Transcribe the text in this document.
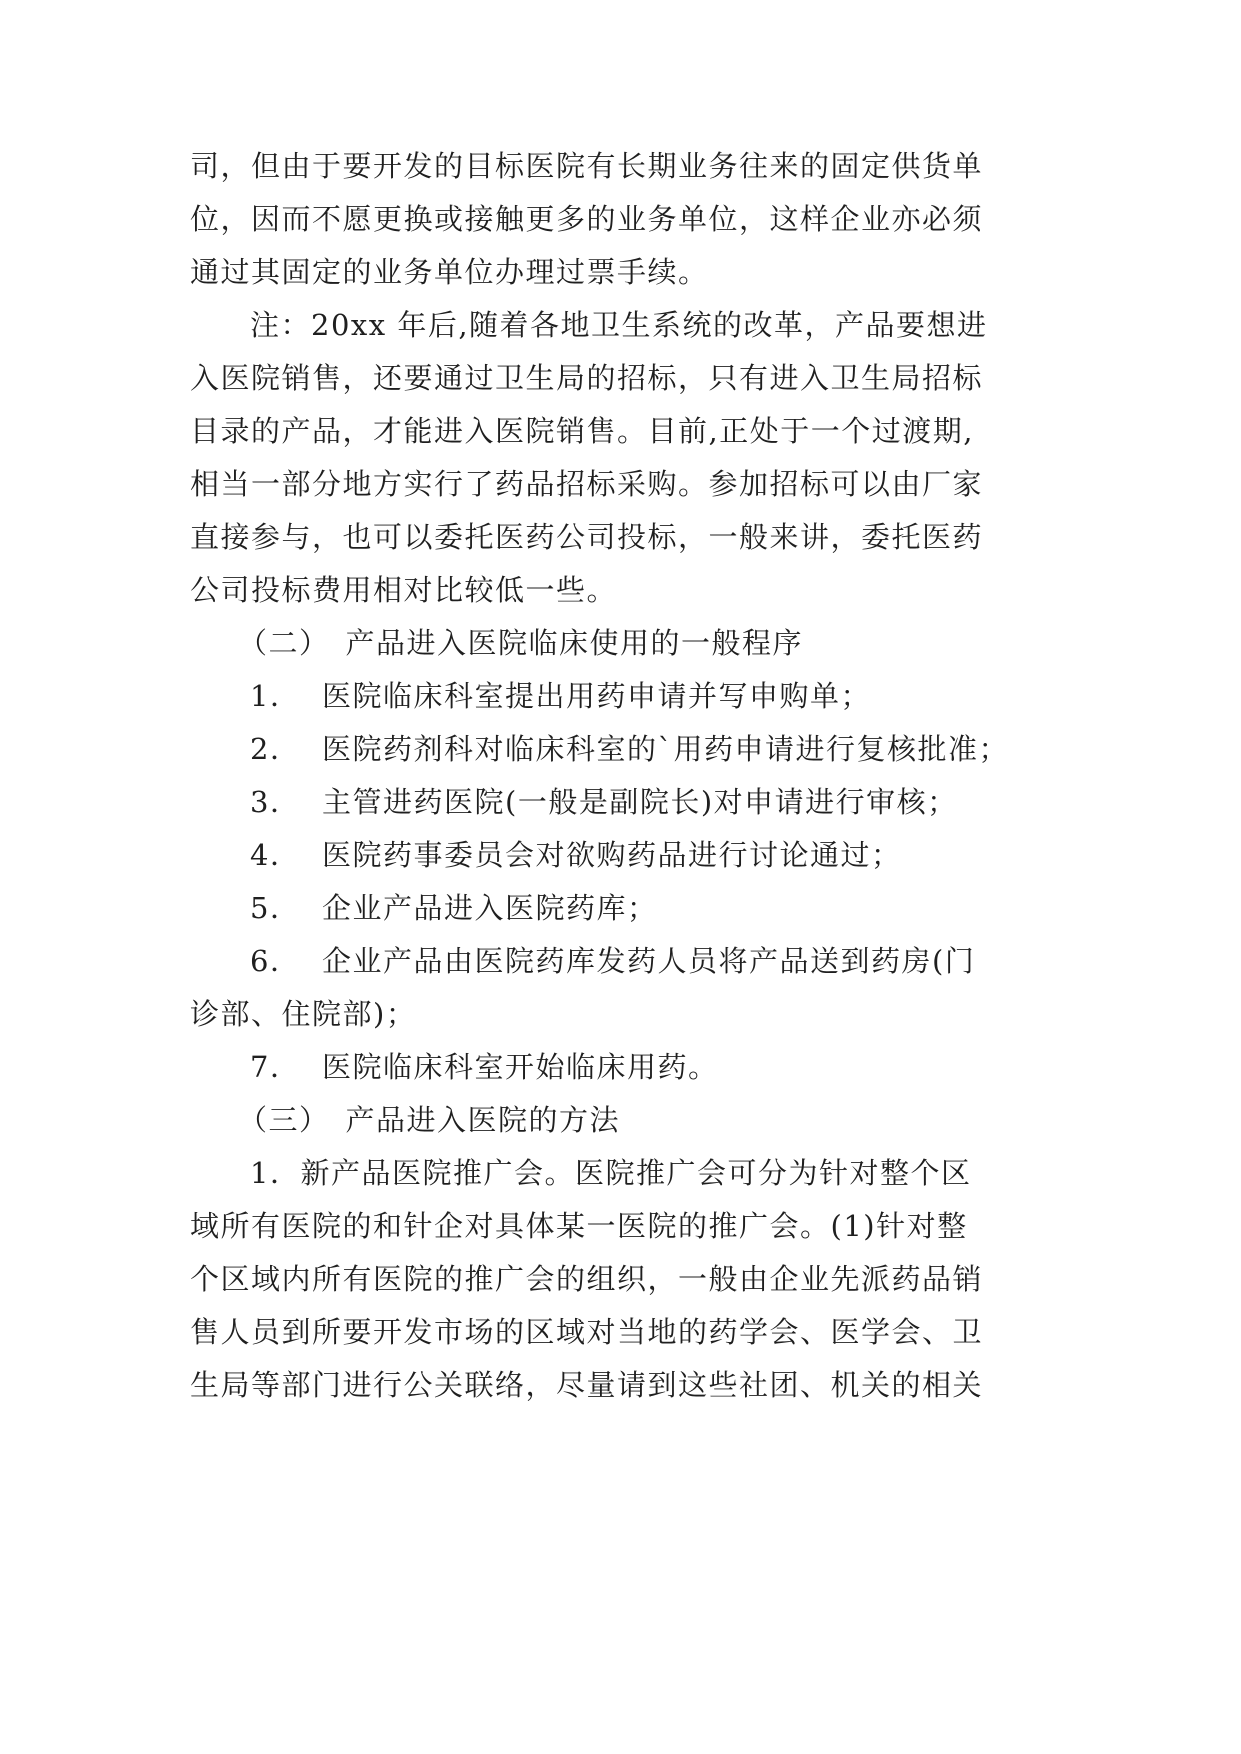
司，但由于要开发的目标医院有长期业务往来的固定供货单
位，因而不愿更换或接触更多的业务单位，这样企业亦必须
通过其固定的业务单位办理过票手续。
注：20xx 年后,随着各地卫生系统的改革，产品要想进
入医院销售，还要通过卫生局的招标，只有进入卫生局招标
目录的产品，才能进入医院销售。目前,正处于一个过渡期,
相当一部分地方实行了药品招标采购。参加招标可以由厂家
直接参与，也可以委托医药公司投标，一般来讲，委托医药
公司投标费用相对比较低一些。
（二）　产品进入医院临床使用的一般程序
1． 医院临床科室提出用药申请并写申购单；
2． 医院药剂科对临床科室的`用药申请进行复核批准；
3． 主管进药医院(一般是副院长)对申请进行审核；
4． 医院药事委员会对欲购药品进行讨论通过；
5． 企业产品进入医院药库；
6． 企业产品由医院药库发药人员将产品送到药房(门
诊部、住院部)；
7． 医院临床科室开始临床用药。
（三）　产品进入医院的方法
1．新产品医院推广会。医院推广会可分为针对整个区
域所有医院的和针企对具体某一医院的推广会。(1)针对整
个区域内所有医院的推广会的组织，一般由企业先派药品销
售人员到所要开发市场的区域对当地的药学会、医学会、卫
生局等部门进行公关联络，尽量请到这些社团、机关的相关
